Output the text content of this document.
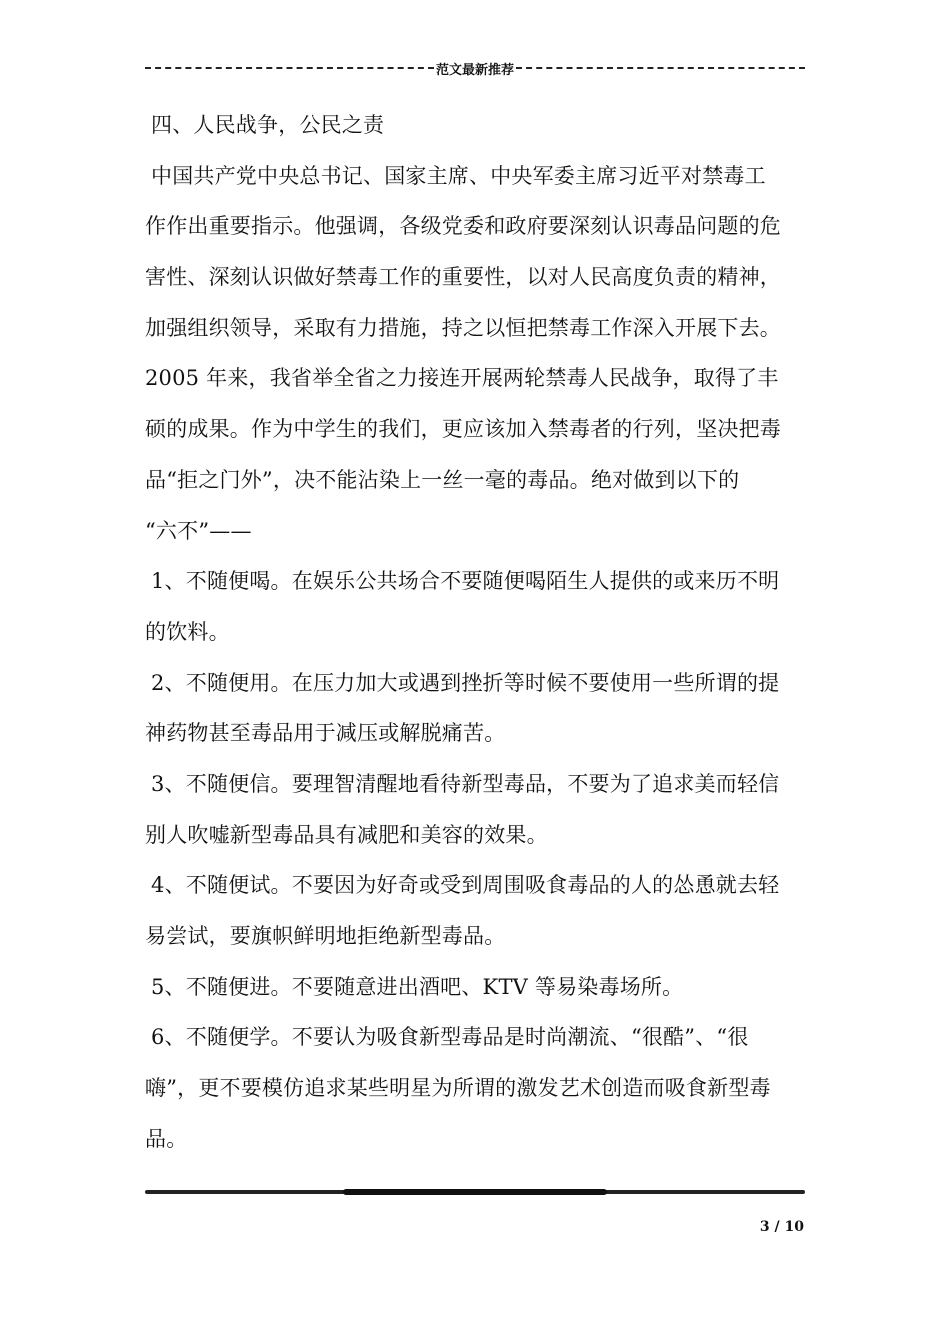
范文最新推荐
四、人民战争，公民之责
中国共产党中央总书记、国家主席、中央军委主席习近平对禁毒工
作作出重要指示。他强调，各级党委和政府要深刻认识毒品问题的危
害性、深刻认识做好禁毒工作的重要性，以对人民高度负责的精神，
加强组织领导，采取有力措施，持之以恒把禁毒工作深入开展下去。
2005 年来，我省举全省之力接连开展两轮禁毒人民战争，取得了丰
硕的成果。作为中学生的我们，更应该加入禁毒者的行列，坚决把毒
品“拒之门外”，决不能沾染上一丝一毫的毒品。绝对做到以下的
“六不”——
1、不随便喝。在娱乐公共场合不要随便喝陌生人提供的或来历不明
的饮料。
2、不随便用。在压力加大或遇到挫折等时候不要使用一些所谓的提
神药物甚至毒品用于减压或解脱痛苦。
3、不随便信。要理智清醒地看待新型毒品，不要为了追求美而轻信
别人吹嘘新型毒品具有减肥和美容的效果。
4、不随便试。不要因为好奇或受到周围吸食毒品的人的怂恿就去轻
易尝试，要旗帜鲜明地拒绝新型毒品。
5、不随便进。不要随意进出酒吧、KTV 等易染毒场所。
6、不随便学。不要认为吸食新型毒品是时尚潮流、“很酷”、“很
嗨”，更不要模仿追求某些明星为所谓的激发艺术创造而吸食新型毒
品。
3 / 10
